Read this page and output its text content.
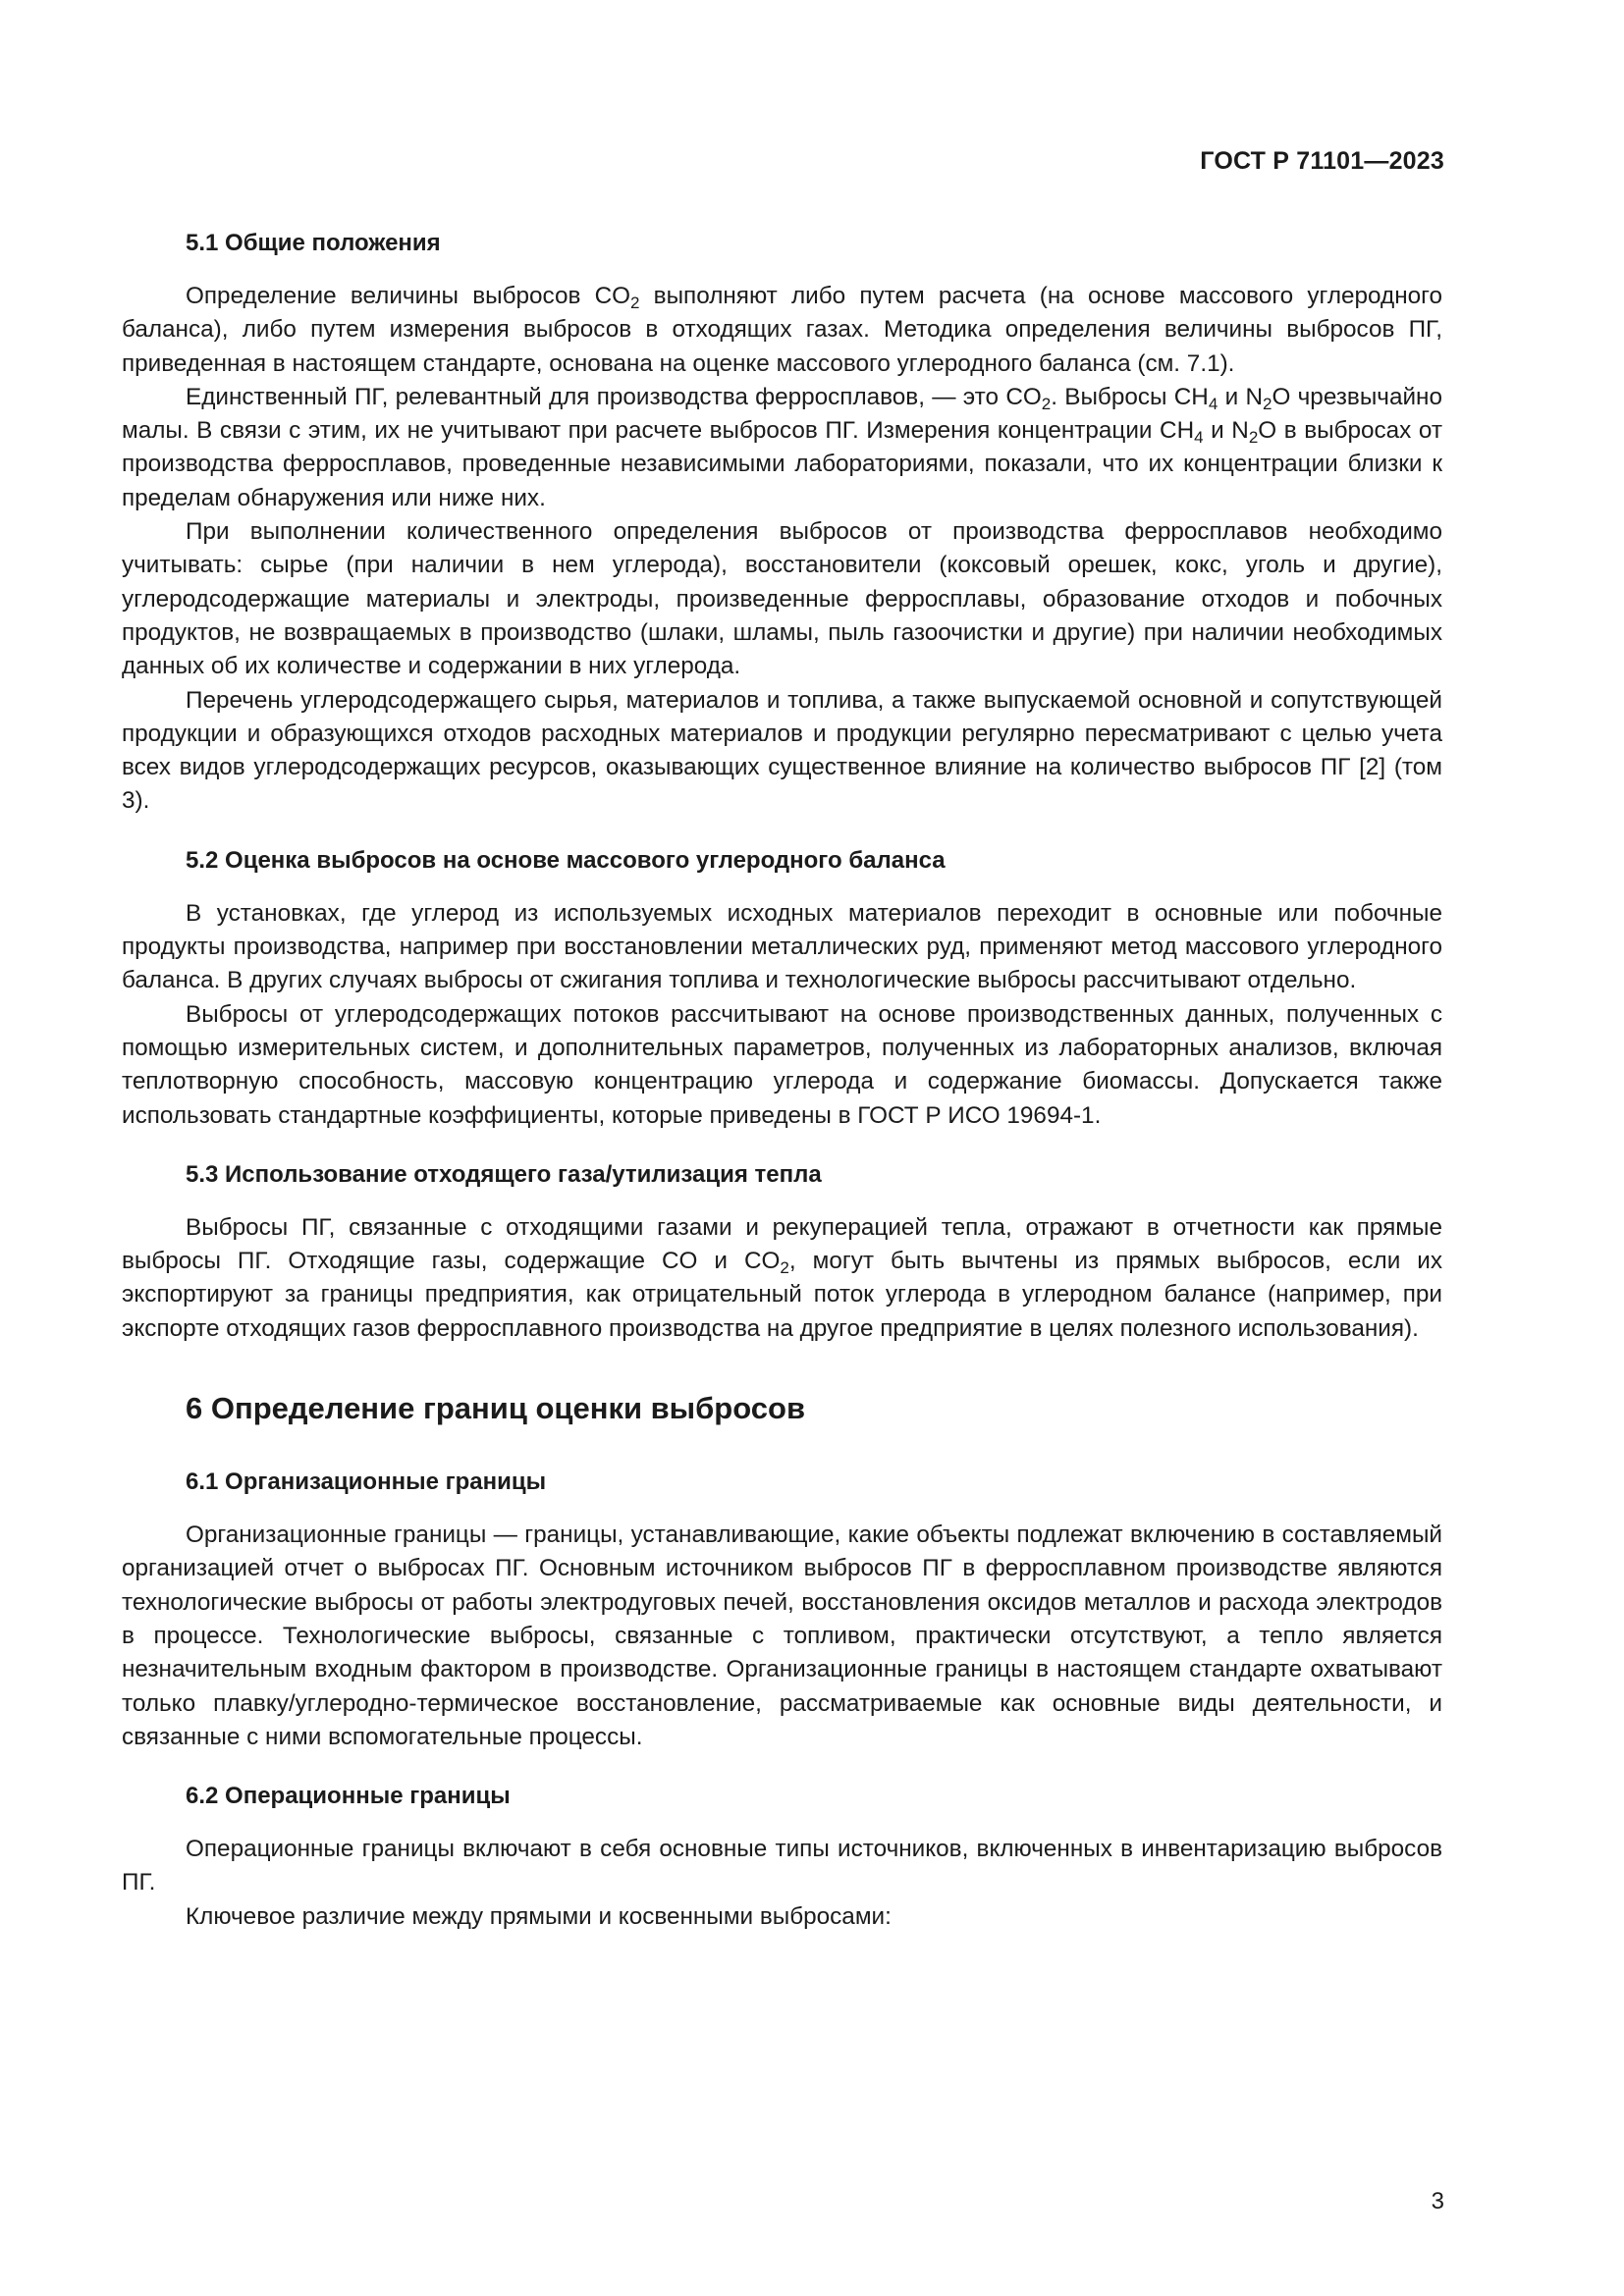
ГОСТ Р 71101—2023
5.1 Общие положения

Определение величины выбросов $CO_2$ выполняют либо путем расчета (на основе массового углеродного баланса), либо путем измерения выбросов в отходящих газах. Методика определения величины выбросов ПГ, приведенная в настоящем стандарте, основана на оценке массового углеродного баланса (см. 7.1).

Единственный ПГ, релевантный для производства ферросплавов, — это $CO_2$. Выбросы $CH_4$ и $N_2O$ чрезвычайно малы. В связи с этим, их не учитывают при расчете выбросов ПГ. Измерения концентрации $CH_4$ и $N_2O$ в выбросах от производства ферросплавов, проведенные независимыми лабораториями, показали, что их концентрации близки к пределам обнаружения или ниже них.

При выполнении количественного определения выбросов от производства ферросплавов необходимо учитывать: сырье (при наличии в нем углерода), восстановители (коксовый орешек, кокс, уголь и другие), углеродсодержащие материалы и электроды, произведенные ферросплавы, образование отходов и побочных продуктов, не возвращаемых в производство (шлаки, шламы, пыль газоочистки и другие) при наличии необходимых данных об их количестве и содержании в них углерода.

Перечень углеродсодержащего сырья, материалов и топлива, а также выпускаемой основной и сопутствующей продукции и образующихся отходов расходных материалов и продукции регулярно пересматривают с целью учета всех видов углеродсодержащих ресурсов, оказывающих существенное влияние на количество выбросов ПГ [2] (том 3).

5.2 Оценка выбросов на основе массового углеродного баланса

В установках, где углерод из используемых исходных материалов переходит в основные или побочные продукты производства, например при восстановлении металлических руд, применяют метод массового углеродного баланса. В других случаях выбросы от сжигания топлива и технологические выбросы рассчитывают отдельно.

Выбросы от углеродсодержащих потоков рассчитывают на основе производственных данных, полученных с помощью измерительных систем, и дополнительных параметров, полученных из лабораторных анализов, включая теплотворную способность, массовую концентрацию углерода и содержание биомассы. Допускается также использовать стандартные коэффициенты, которые приведены в ГОСТ Р ИСО 19694-1.

5.3 Использование отходящего газа/утилизация тепла

Выбросы ПГ, связанные с отходящими газами и рекуперацией тепла, отражают в отчетности как прямые выбросы ПГ. Отходящие газы, содержащие CO и $CO_2$, могут быть вычтены из прямых выбросов, если их экспортируют за границы предприятия, как отрицательный поток углерода в углеродном балансе (например, при экспорте отходящих газов ферросплавного производства на другое предприятие в целях полезного использования).

6 Определение границ оценки выбросов
6.1 Организационные границы

Организационные границы — границы, устанавливающие, какие объекты подлежат включению в составляемый организацией отчет о выбросах ПГ. Основным источником выбросов ПГ в ферросплавном производстве являются технологические выбросы от работы электродуговых печей, восстановления оксидов металлов и расхода электродов в процессе. Технологические выбросы, связанные с топливом, практически отсутствуют, а тепло является незначительным входным фактором в производстве. Организационные границы в настоящем стандарте охватывают только плавку/углеродно-термическое восстановление, рассматриваемые как основные виды деятельности, и связанные с ними вспомогательные процессы.

6.2 Операционные границы

Операционные границы включают в себя основные типы источников, включенных в инвентаризацию выбросов ПГ.

Ключевое различие между прямыми и косвенными выбросами:

3
